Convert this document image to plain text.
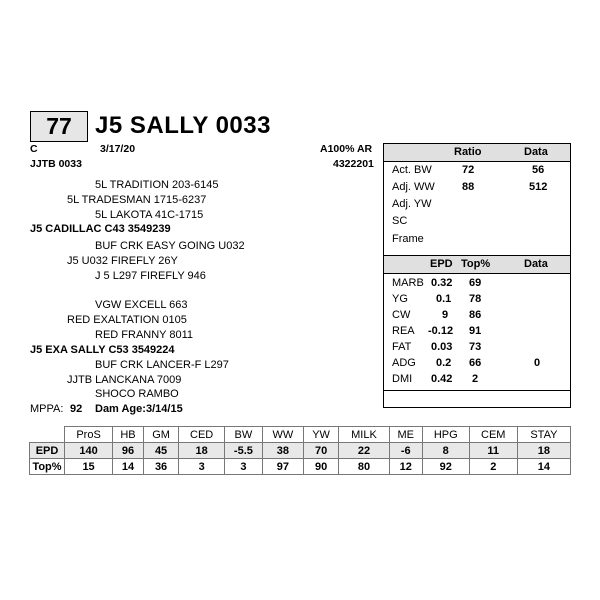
77 J5 SALLY 0033
C	3/17/20	A100% AR
JJTB 0033	4322201
5L TRADITION 203-6145
5L TRADESMAN 1715-6237
5L LAKOTA 41C-1715
J5 CADILLAC C43 3549239
BUF CRK EASY GOING U032
J5 U032 FIREFLY 26Y
J 5 L297 FIREFLY 946
VGW EXCELL 663
RED EXALTATION 0105
RED FRANNY 8011
J5 EXA SALLY C53 3549224
BUF CRK LANCER-F L297
JJTB LANCKANA 7009
SHOCO RAMBO
MPPA: 92 Dam Age: 3/14/15
Ratio	Data
Act. BW	72	56
Adj. WW 88	512
Adj. YW
SC
Frame
EPD Top%	Data
MARB 0.32 69
YG	0.1 78
CW	9 86
REA -0.12 91
FAT 0.03 73
ADG 0.2 66	0
DMI 0.42 2
	ProS	HB	GM	CED	BW	WW	YW	MILK	ME	HPG	CEM	STAY
EPD	140	96	45	18	-5.5	38	70	22	-6	8	11	18
Top%	15	14	36	3	3	97	90	80	12	92	2	14
